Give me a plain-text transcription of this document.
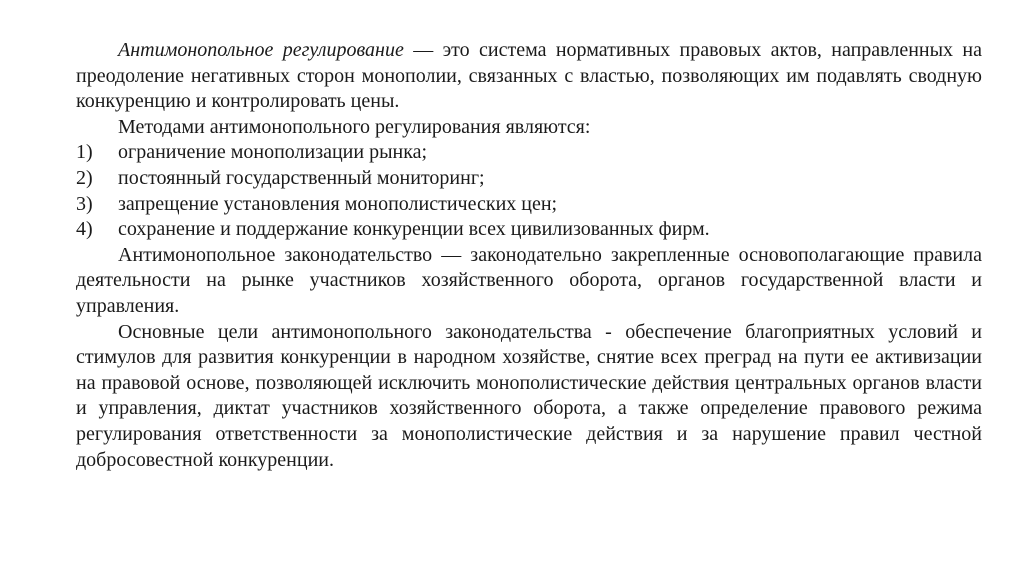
Антимонопольное регулирование — это система нормативных правовых актов, направленных на преодоление негативных сторон монополии, связанных с властью, позволяющих им подавлять сводную конкуренцию и контролировать цены.

Методами антимонопольного регулирования являются:

1)	ограничение монополизации рынка;
2)	постоянный государственный мониторинг;
3)	запрещение установления монополистических цен;
4)	сохранение и поддержание конкуренции всех цивилизованных фирм.

Антимонопольное законодательство — законодательно закрепленные основополагающие правила деятельности на рынке участников хозяйственного оборота, органов государственной власти и управления.

Основные цели антимонопольного законодательства - обеспечение благоприятных условий и стимулов для развития конкуренции в народном хозяйстве, снятие всех преград на пути ее активизации на правовой основе, позволяющей исключить монополистические действия центральных органов власти и управления, диктат участников хозяйственного оборота, а также определение правового режима регулирования ответственности за монополистические действия и за нарушение правил честной добросовестной конкуренции.
